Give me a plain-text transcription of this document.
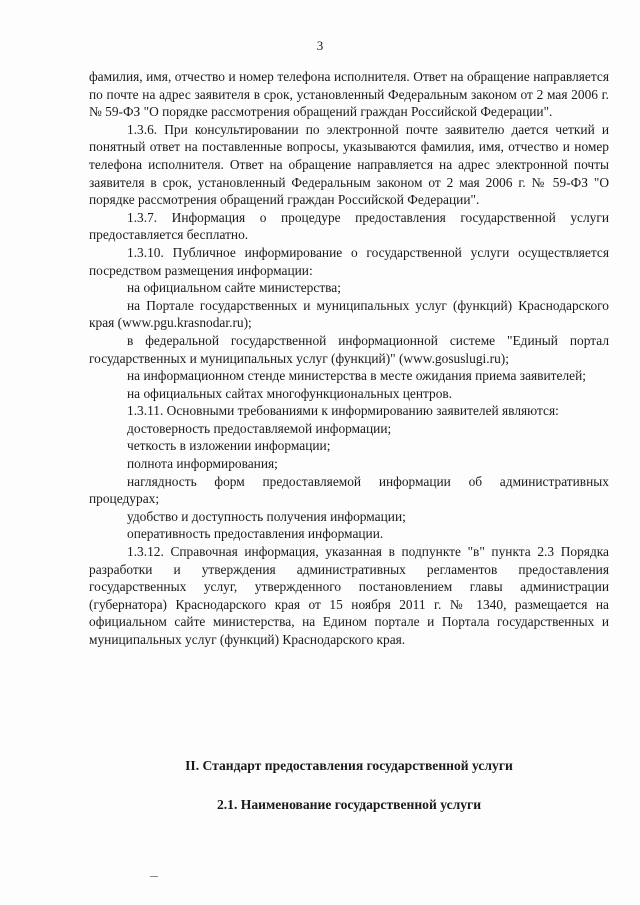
3

фамилия, имя, отчество и номер телефона исполнителя. Ответ на обращение направляется по почте на адрес заявителя в срок, установленный Федеральным законом от 2 мая 2006 г. № 59-ФЗ "О порядке рассмотрения обращений граждан Российской Федерации".

1.3.6. При консультировании по электронной почте заявителю дается четкий и понятный ответ на поставленные вопросы, указываются фамилия, имя, отчество и номер телефона исполнителя. Ответ на обращение направляется на адрес электронной почты заявителя в срок, установленный Федеральным законом от 2 мая 2006 г. № 59-ФЗ "О порядке рассмотрения обращений граждан Российской Федерации".

1.3.7. Информация о процедуре предоставления государственной услуги предоставляется бесплатно.

1.3.10. Публичное информирование о государственной услуги осуществляется посредством размещения информации:

на официальном сайте министерства;

на Портале государственных и муниципальных услуг (функций) Краснодарского края (www.pgu.krasnodar.ru);

в федеральной государственной информационной системе "Единый портал государственных и муниципальных услуг (функций)" (www.gosuslugi.ru);

на информационном стенде министерства в месте ожидания приема заявителей;

на официальных сайтах многофункциональных центров.

1.3.11. Основными требованиями к информированию заявителей являются:

достоверность предоставляемой информации;

четкость в изложении информации;

полнота информирования;

наглядность форм предоставляемой информации об административных процедурах;

удобство и доступность получения информации;

оперативность предоставления информации.

1.3.12. Справочная информация, указанная в подпункте "в" пункта 2.3 Порядка разработки и утверждения административных регламентов предоставления государственных услуг, утвержденного постановлением главы администрации (губернатора) Краснодарского края от 15 ноября 2011 г. № 1340, размещается на официальном сайте министерства, на Едином портале и Портала государственных и муниципальных услуг (функций) Краснодарского края.

II. Стандарт предоставления государственной услуги
2.1. Наименование государственной услуги
